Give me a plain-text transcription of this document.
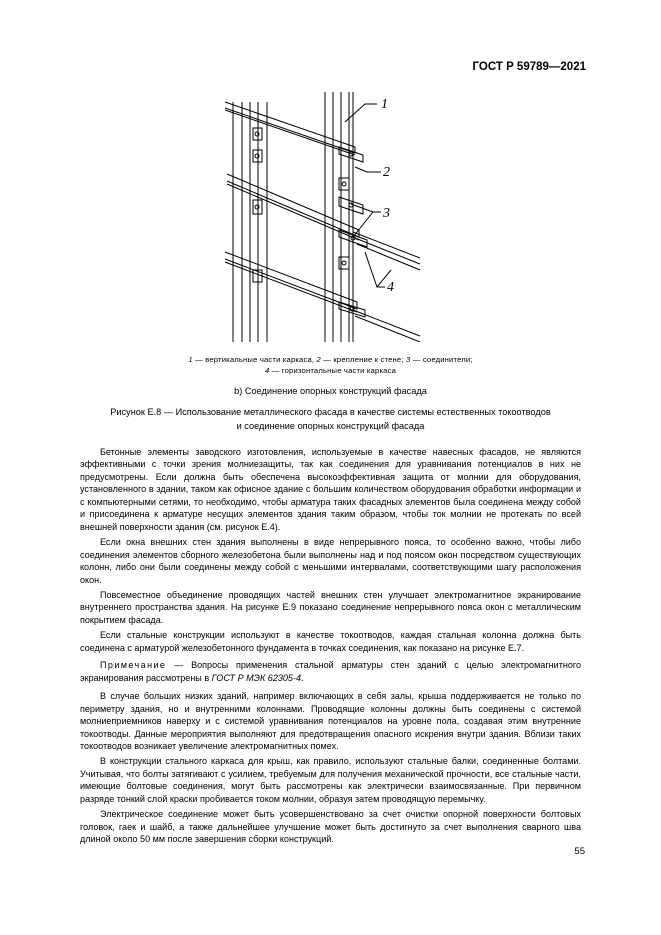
ГОСТ Р 59789—2021
1
2
3
4
1 — вертикальные части каркаса, 2 — крепление к стене; 3 — соединители;
4 — горизонтальные части каркаса
b) Соединение опорных конструкций фасада
Рисунок Е.8 — Использование металлического фасада в качестве системы естественных токоотводов
и соединение опорных конструкций фасада

Бетонные элементы заводского изготовления, используемые в качестве навесных фасадов, не являются эффективными с точки зрения молниезащиты, так как соединения для уравнивания потенциалов в них не предусмотрены. Если должна быть обеспечена высокоэффективная защита от молнии для оборудования, установленного в здании, таком как офисное здание с большим количеством оборудования обработки информации и с компьютерными сетями, то необходимо, чтобы арматура таких фасадных элементов была соединена между собой и присоединена к арматуре несущих элементов здания таким образом, чтобы ток молнии не протекать по всей внешней поверхности здания (см. рисунок Е.4).

Если окна внешних стен здания выполнены в виде непрерывного пояса, то особенно важно, чтобы либо соединения элементов сборного железобетона были выполнены над и под поясом окон посредством существующих колонн, либо они были соединены между собой с меньшими интервалами, соответствующими шагу расположения окон.

Повсеместное объединение проводящих частей внешних стен улучшает электромагнитное экранирование внутреннего пространства здания. На рисунке Е.9 показано соединение непрерывного пояса окон с металлическим покрытием фасада.

Если стальные конструкции используют в качестве токоотводов, каждая стальная колонна должна быть соединена с арматурой железобетонного фундамента в точках соединения, как показано на рисунке Е.7.

Примечание — Вопросы применения стальной арматуры стен зданий с целью электромагнитного экранирования рассмотрены в ГОСТ Р МЭК 62305-4.

В случае больших низких зданий, например включающих в себя залы, крыша поддерживается не только по периметру здания, но и внутренними колоннами. Проводящие колонны должны быть соединены с системой молниеприемников наверху и с системой уравнивания потенциалов на уровне пола, создавая этим внутренние токоотводы. Данные мероприятия выполняют для предотвращения опасного искрения внутри здания. Вблизи таких токоотводов возникает увеличение электромагнитных помех.

В конструкции стального каркаса для крыш, как правило, используют стальные балки, соединенные болтами. Учитывая, что болты затягивают с усилием, требуемым для получения механической прочности, все стальные части, имеющие болтовые соединения, могут быть рассмотрены как электрически взаимосвязанные. При первичном разряде тонкий слой краски пробивается током молнии, образуя затем проводящую перемычку.

Электрическое соединение может быть усовершенствовано за счет очистки опорной поверхности болтовых головок, гаек и шайб, а также дальнейшее улучшение может быть достигнуто за счет выполнения сварного шва длиной около 50 мм после завершения сборки конструкций.

55
